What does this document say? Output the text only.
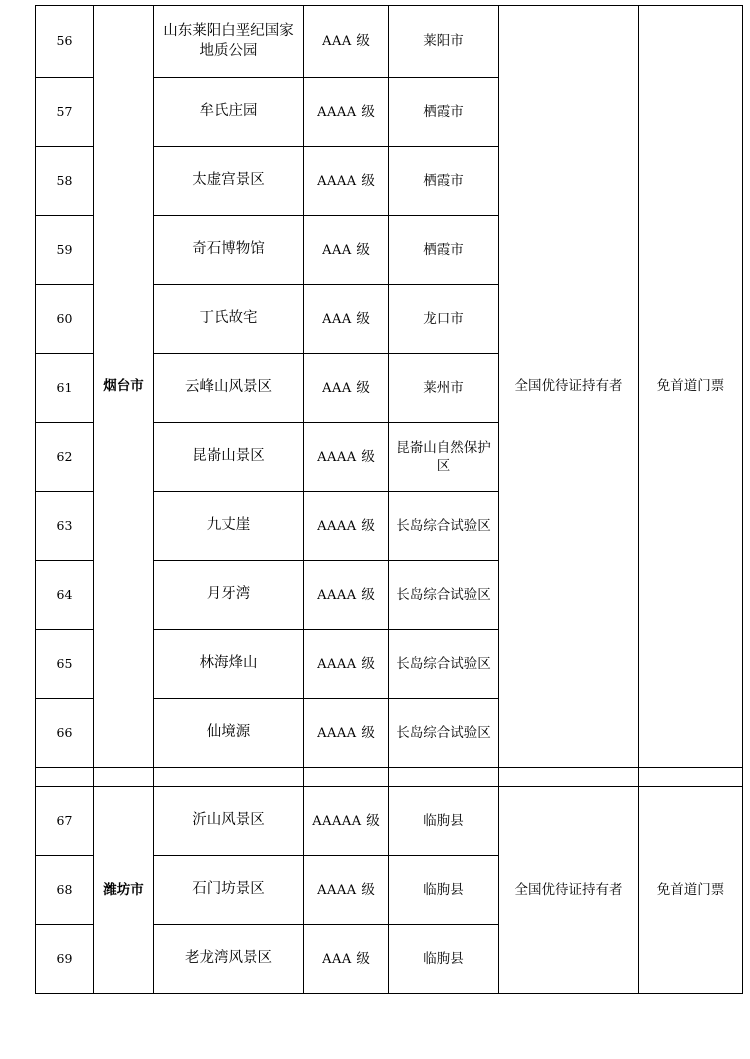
56	烟台市	山东莱阳白垩纪国家地质公园	AAA 级	莱阳市	全国优待证持有者	免首道门票
57		牟氏庄园	AAAA 级	栖霞市		
58		太虚宫景区	AAAA 级	栖霞市		
59		奇石博物馆	AAA 级	栖霞市		
60		丁氏故宅	AAA 级	龙口市		
61		云峰山风景区	AAA 级	莱州市		
62		昆嵛山景区	AAAA 级	昆嵛山自然保护区		
63		九丈崖	AAAA 级	长岛综合试验区		
64		月牙湾	AAAA 级	长岛综合试验区		
65		林海烽山	AAAA 级	长岛综合试验区		
66		仙境源	AAAA 级	长岛综合试验区		

67	潍坊市	沂山风景区	AAAAA 级	临朐县	全国优待证持有者	免首道门票
68		石门坊景区	AAAA 级	临朐县		
69		老龙湾风景区	AAA 级	临朐县		
